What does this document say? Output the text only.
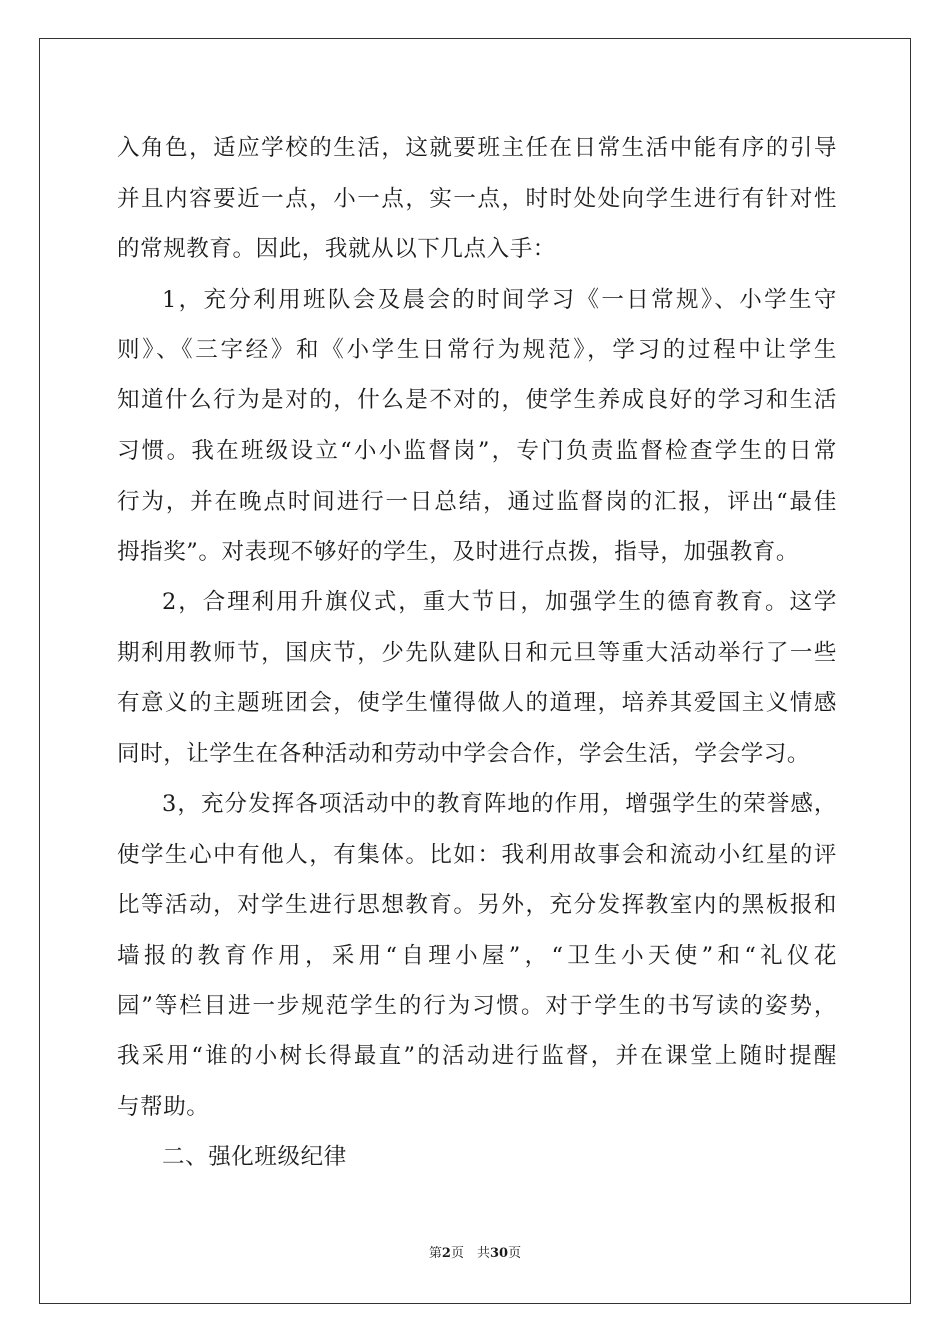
入角色，适应学校的生活，这就要班主任在日常生活中能有序的引导
并且内容要近一点，小一点，实一点，时时处处向学生进行有针对性
的常规教育。因此，我就从以下几点入手：
1，充分利用班队会及晨会的时间学习《一日常规》、小学生守
则》、《三字经》和《小学生日常行为规范》，学习的过程中让学生
知道什么行为是对的，什么是不对的，使学生养成良好的学习和生活
习惯。我在班级设立“小小监督岗”，专门负责监督检查学生的日常
行为，并在晚点时间进行一日总结，通过监督岗的汇报，评出“最佳
拇指奖”。对表现不够好的学生，及时进行点拨，指导，加强教育。
2，合理利用升旗仪式，重大节日，加强学生的德育教育。这学
期利用教师节，国庆节，少先队建队日和元旦等重大活动举行了一些
有意义的主题班团会，使学生懂得做人的道理，培养其爱国主义情感
同时，让学生在各种活动和劳动中学会合作，学会生活，学会学习。
3，充分发挥各项活动中的教育阵地的作用，增强学生的荣誉感，
使学生心中有他人，有集体。比如：我利用故事会和流动小红星的评
比等活动，对学生进行思想教育。另外，充分发挥教室内的黑板报和
墙报的教育作用，采用“自理小屋”，“卫生小天使”和“礼仪花
园”等栏目进一步规范学生的行为习惯。对于学生的书写读的姿势，
我采用“谁的小树长得最直”的活动进行监督，并在课堂上随时提醒
与帮助。
二、强化班级纪律
第2页　共30页
